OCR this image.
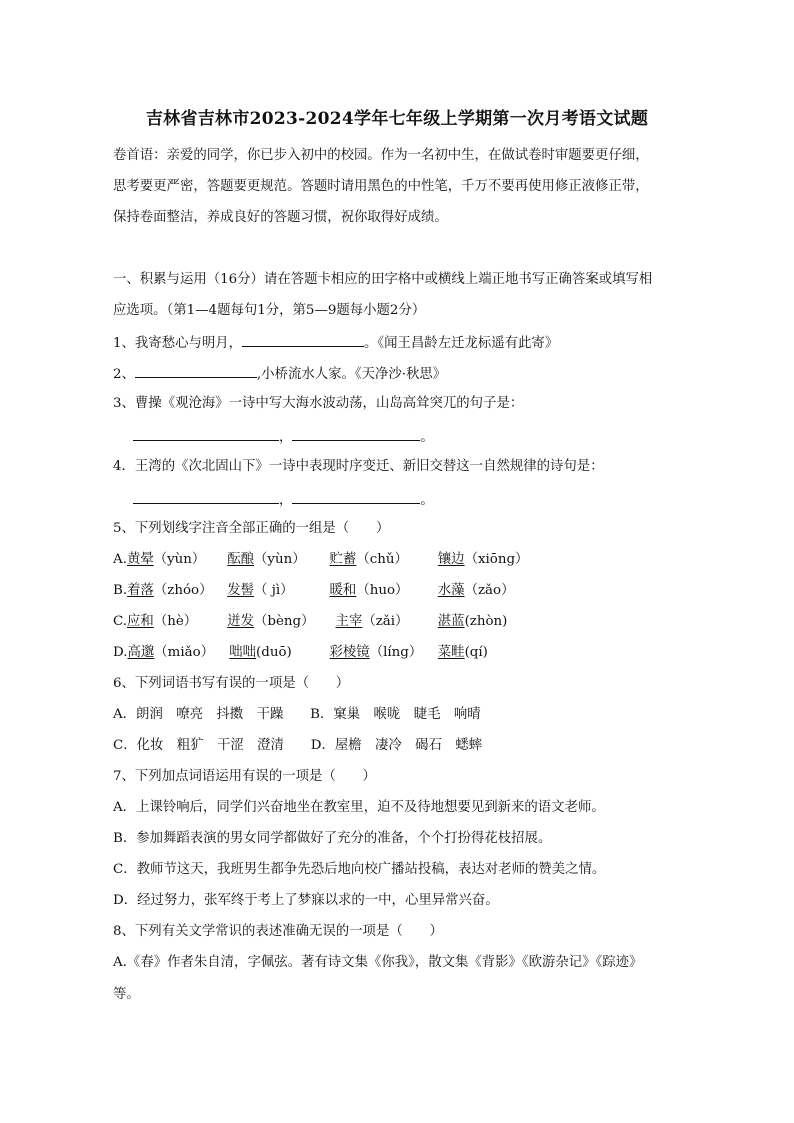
吉林省吉林市2023-2024学年七年级上学期第一次月考语文试题
卷首语：亲爱的同学，你已步入初中的校园。作为一名初中生，在做试卷时审题要更仔细，
思考要更严密，答题要更规范。答题时请用黑色的中性笔，千万不要再使用修正液修正带，
保持卷面整洁，养成良好的答题习惯，祝你取得好成绩。
一、积累与运用（16分）请在答题卡相应的田字格中或横线上端正地书写正确答案或填写相
应选项。（第1—4题每句1分，第5—9题每小题2分）
1、我寄愁心与明月，	。《闻王昌龄左迁龙标遥有此寄》
2、	,小桥流水人家。《天净沙·秋思》
3、曹操《观沧海》一诗中写大海水波动荡，山岛高耸突兀的句子是：
，	。
4．王湾的《次北固山下》一诗中表现时序变迁、新旧交替这一自然规律的诗句是：
，	。
5、下列划线字注音全部正确的一组是（　　）
A.黄晕（yùn） 酝酿（yùn） 贮蓄（chǔ） 镶边（xiōng）
B.着落（zhóo） 发髻（ jì）	暖和（huo） 水藻（zǎo）
C.应和（hè） 迸发（bèng） 主宰（zǎi） 湛蓝(zhòn)
D.高邈（miǎo） 咄咄(duō)	彩棱镜（líng） 菜畦(qí)
6、下列词语书写有误的一项是（　　）
A．朗润　嘹亮　抖擞　干躁　　B．窠巢　喉咙　睫毛　响晴
C．化妆　粗犷　干涩　澄清　　D．屋檐　凄冷　碣石　蟋蟀
7、下列加点词语运用有误的一项是（　　）
A．上课铃响后，同学们兴奋地坐在教室里，迫不及待地想要见到新来的语文老师。
B．参加舞蹈表演的男女同学都做好了充分的准备，个个打扮得花枝招展。
C．教师节这天，我班男生都争先恐后地向校广播站投稿，表达对老师的赞美之情。
D．经过努力，张军终于考上了梦寐以求的一中，心里异常兴奋。
8、下列有关文学常识的表述准确无误的一项是（　　）
A.《春》作者朱自清，字佩弦。著有诗文集《你我》，散文集《背影》《欧游杂记》《踪迹》
等。
